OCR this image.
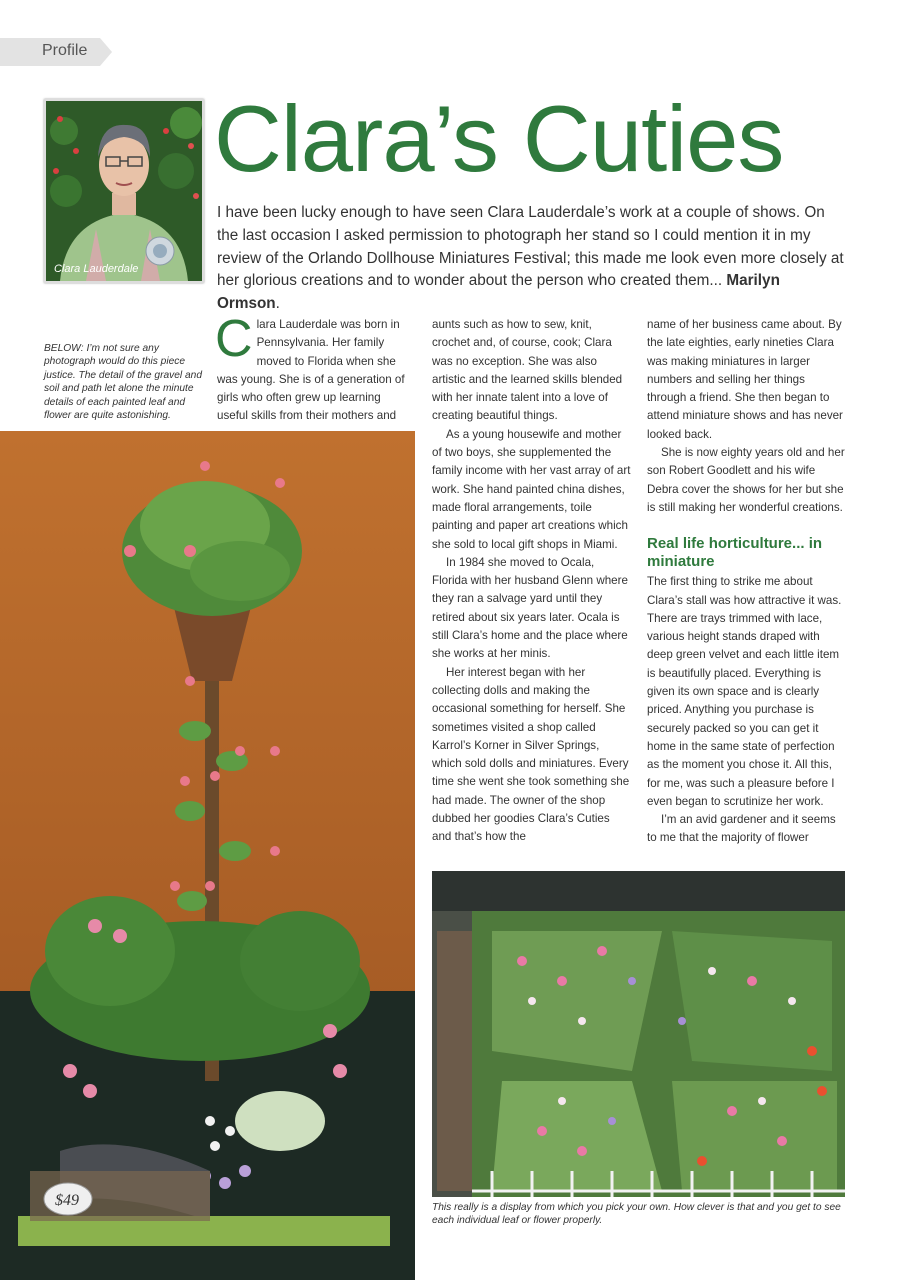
Profile
Clara Lauderdale
Clara’s Cuties
I have been lucky enough to have seen Clara Lauderdale’s work at a couple of shows. On the last occasion I asked permission to photograph her stand so I could mention it in my review of the Orlando Dollhouse Miniatures Festival; this made me look even more closely at her glorious creations and to wonder about the person who created them... Marilyn Ormson.
BELOW: I’m not sure any photograph would do this piece justice. The detail of the gravel and soil and path let alone the minute details of each painted leaf and flower are quite astonishing.

Clara Lauderdale was born in Pennsylvania. Her family moved to Florida when she was young. She is of a generation of girls who often grew up learning useful skills from their mothers and

aunts such as how to sew, knit, crochet and, of course, cook; Clara was no exception. She was also artistic and the learned skills blended with her innate talent into a love of creating beautiful things.

As a young housewife and mother of two boys, she supplemented the family income with her vast array of art work. She hand painted china dishes, made floral arrangements, toile painting and paper art creations which she sold to local gift shops in Miami.

In 1984 she moved to Ocala, Florida with her husband Glenn where they ran a salvage yard until they retired about six years later. Ocala is still Clara’s home and the place where she works at her minis.

Her interest began with her collecting dolls and making the occasional something for herself. She sometimes visited a shop called Karrol’s Korner in Silver Springs, which sold dolls and miniatures. Every time she went she took something she had made. The owner of the shop dubbed her goodies Clara’s Cuties and that’s how the

name of her business came about. By the late eighties, early nineties Clara was making miniatures in larger numbers and selling her things through a friend. She then began to attend miniature shows and has never looked back.

She is now eighty years old and her son Robert Goodlett and his wife Debra cover the shows for her but she is still making her wonderful creations.

Real life horticulture... in miniature

The first thing to strike me about Clara’s stall was how attractive it was. There are trays trimmed with lace, various height stands draped with deep green velvet and each little item is beautifully placed. Everything is given its own space and is clearly priced. Anything you purchase is securely packed so you can get it home in the same state of perfection as the moment you chose it. All this, for me, was such a pleasure before I even began to scrutinize her work.

I’m an avid gardener and it seems to me that the majority of flower

$49	This really is a display from which you pick your own. How clever is that and you get to see each individual leaf or flower properly.
